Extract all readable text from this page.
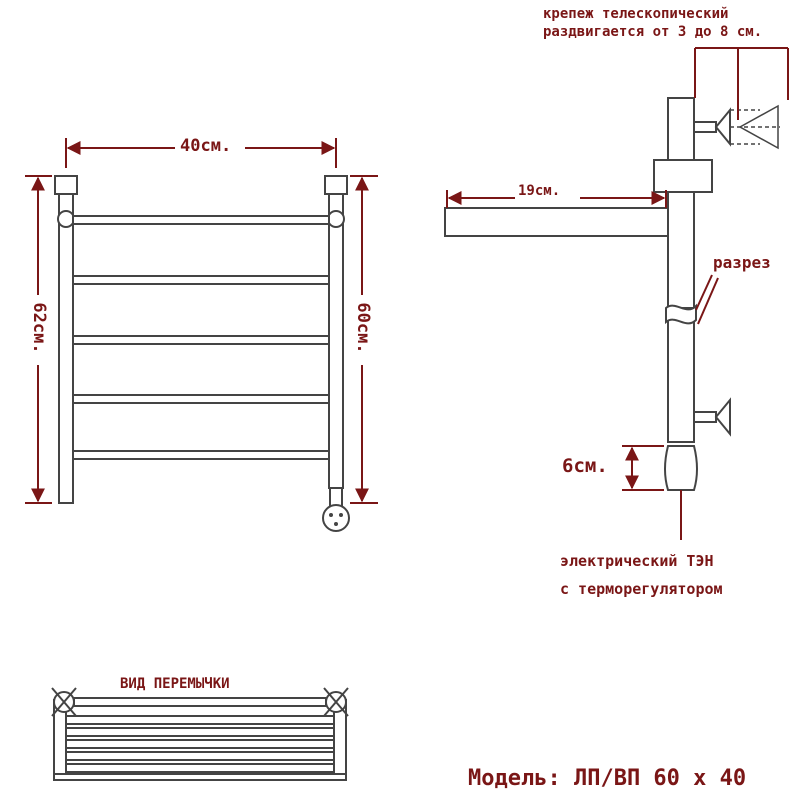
40см.
62см.	60см.
крепеж телескопический
раздвигается от 3 до 8 см.
19см.
разрез
6см.
электрический ТЭН
с терморегулятором
ВИД ПЕРЕМЫЧКИ
Модель: ЛП/ВП 60 х 40
